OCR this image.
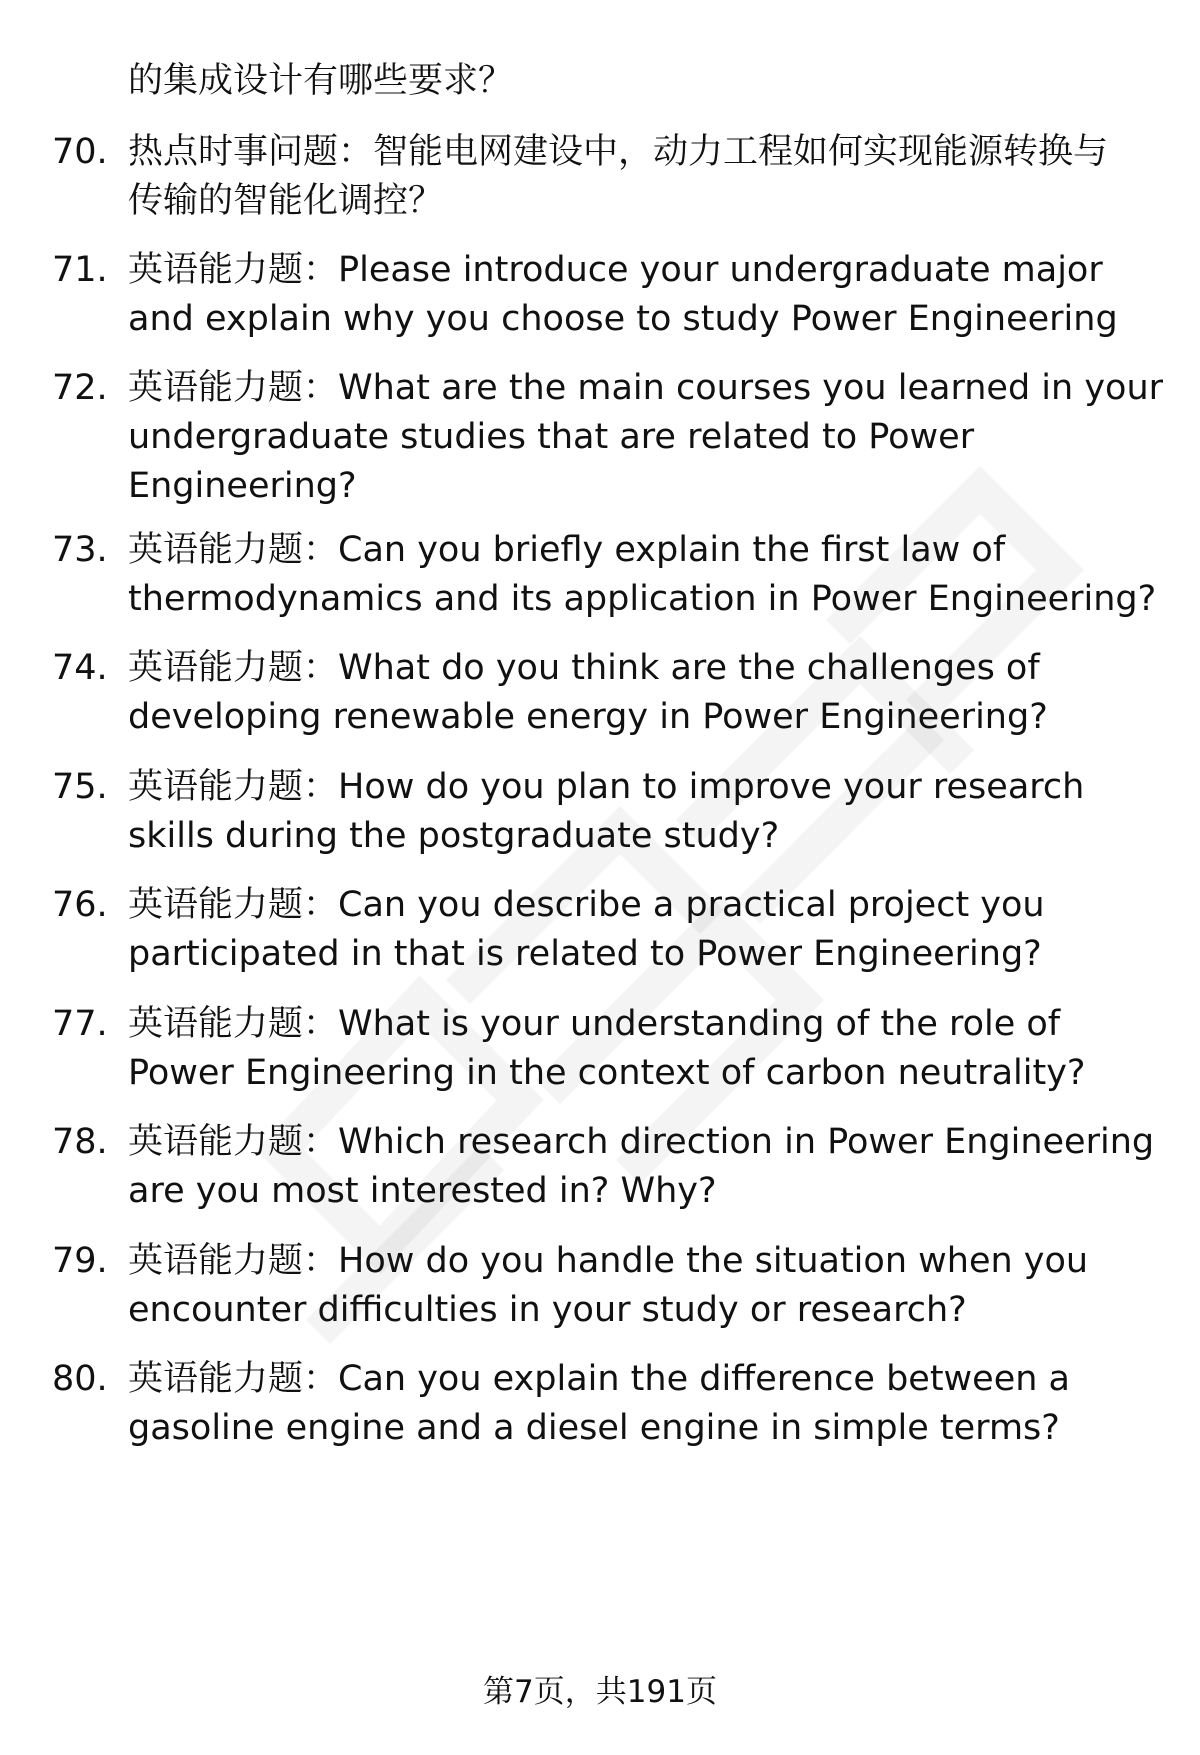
的集成设计有哪些要求？
70. 热点时事问题：智能电网建设中，动力工程如何实现能源转换与
传输的智能化调控？
71. 英语能力题：Please introduce your undergraduate major
and explain why you choose to study Power Engineering
72. 英语能力题：What are the main courses you learned in your
undergraduate studies that are related to Power
Engineering?
73. 英语能力题：Can you briefly explain the first law of
thermodynamics and its application in Power Engineering?
74. 英语能力题：What do you think are the challenges of
developing renewable energy in Power Engineering?
75. 英语能力题：How do you plan to improve your research
skills during the postgraduate study?
76. 英语能力题：Can you describe a practical project you
participated in that is related to Power Engineering?
77. 英语能力题：What is your understanding of the role of
Power Engineering in the context of carbon neutrality?
78. 英语能力题：Which research direction in Power Engineering
are you most interested in? Why?
79. 英语能力题：How do you handle the situation when you
encounter difficulties in your study or research?
80. 英语能力题：Can you explain the difference between a
gasoline engine and a diesel engine in simple terms?
第7页，共191页
